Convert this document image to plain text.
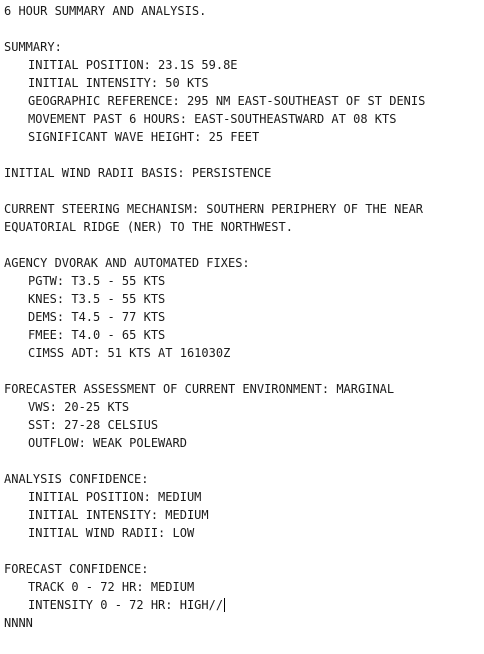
6 HOUR SUMMARY AND ANALYSIS.
SUMMARY:
INITIAL POSITION: 23.1S 59.8E
INITIAL INTENSITY: 50 KTS
GEOGRAPHIC REFERENCE: 295 NM EAST-SOUTHEAST OF ST DENIS
MOVEMENT PAST 6 HOURS: EAST-SOUTHEASTWARD AT 08 KTS
SIGNIFICANT WAVE HEIGHT: 25 FEET
INITIAL WIND RADII BASIS: PERSISTENCE
CURRENT STEERING MECHANISM: SOUTHERN PERIPHERY OF THE NEAR
EQUATORIAL RIDGE (NER) TO THE NORTHWEST.
AGENCY DVORAK AND AUTOMATED FIXES:
PGTW: T3.5 - 55 KTS
KNES: T3.5 - 55 KTS
DEMS: T4.5 - 77 KTS
FMEE: T4.0 - 65 KTS
CIMSS ADT: 51 KTS AT 161030Z
FORECASTER ASSESSMENT OF CURRENT ENVIRONMENT: MARGINAL
VWS: 20-25 KTS
SST: 27-28 CELSIUS
OUTFLOW: WEAK POLEWARD
ANALYSIS CONFIDENCE:
INITIAL POSITION: MEDIUM
INITIAL INTENSITY: MEDIUM
INITIAL WIND RADII: LOW
FORECAST CONFIDENCE:
TRACK 0 - 72 HR: MEDIUM
INTENSITY 0 - 72 HR: HIGH//
NNNN
